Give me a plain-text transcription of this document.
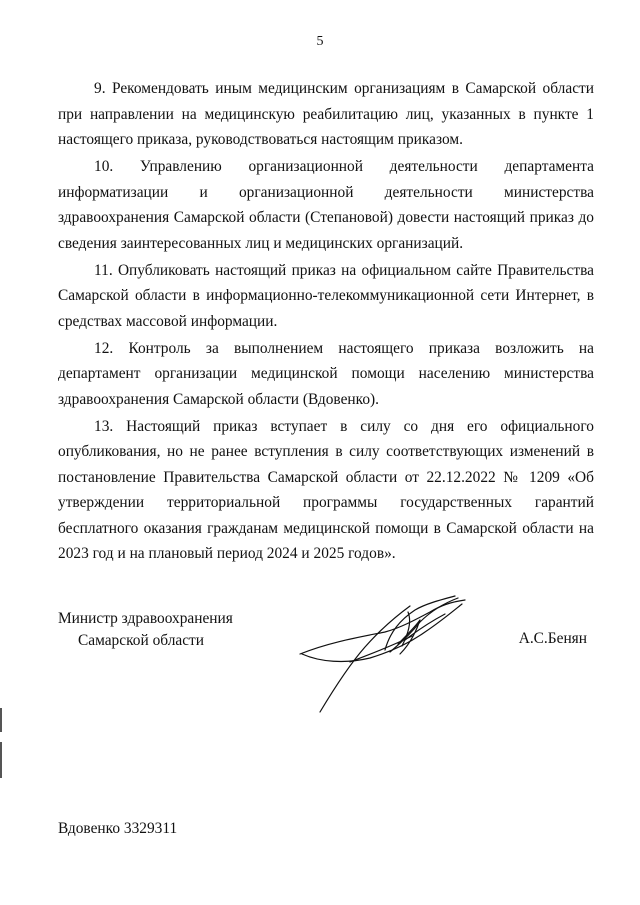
5

9. Рекомендовать иным медицинским организациям в Самарской области при направлении на медицинскую реабилитацию лиц, указанных в пункте 1 настоящего приказа, руководствоваться настоящим приказом.

10. Управлению организационной деятельности департамента информатизации и организационной деятельности министерства здравоохранения Самарской области (Степановой) довести настоящий приказ до сведения заинтересованных лиц и медицинских организаций.

11. Опубликовать настоящий приказ на официальном сайте Правительства Самарской области в информационно-телекоммуникационной сети Интернет, в средствах массовой информации.

12. Контроль за выполнением настоящего приказа возложить на департамент организации медицинской помощи населению министерства здравоохранения Самарской области (Вдовенко).

13. Настоящий приказ вступает в силу со дня его официального опубликования, но не ранее вступления в силу соответствующих изменений в постановление Правительства Самарской области от 22.12.2022 № 1209 «Об утверждении территориальной программы государственных гарантий бесплатного оказания гражданам медицинской помощи в Самарской области на 2023 год и на плановый период 2024 и 2025 годов».

Министр здравоохранения
Самарской области	А.С.Бенян
Вдовенко 3329311
